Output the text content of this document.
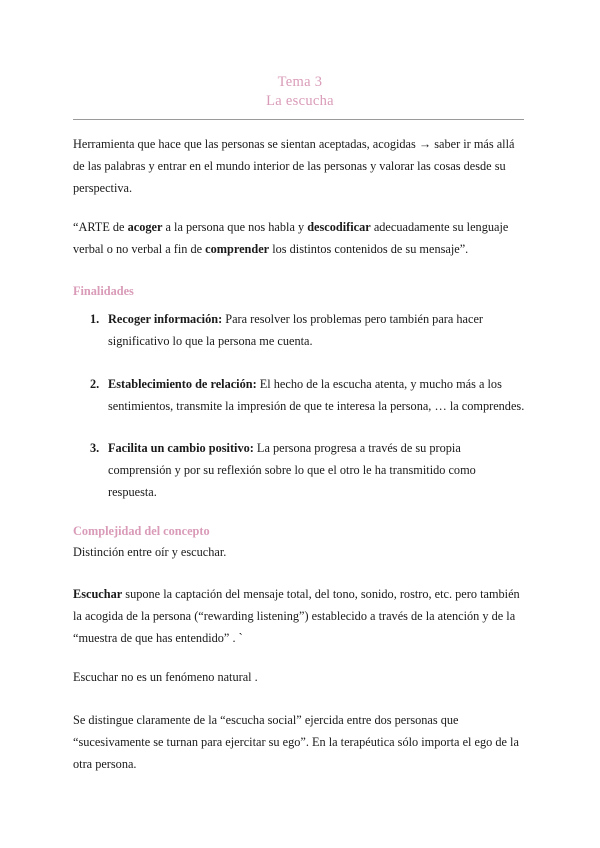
Tema 3
La escucha

Herramienta que hace que las personas se sientan aceptadas, acogidas → saber ir más allá de las palabras y entrar en el mundo interior de las personas y valorar las cosas desde su perspectiva.

“ARTE de acoger a la persona que nos habla y descodificar adecuadamente su lenguaje verbal o no verbal a fin de comprender los distintos contenidos de su mensaje”.

Finalidades

1. Recoger información: Para resolver los problemas pero también para hacer significativo lo que la persona me cuenta.
2. Establecimiento de relación: El hecho de la escucha atenta, y mucho más a los sentimientos, transmite la impresión de que te interesa la persona, … la comprendes.
3. Facilita un cambio positivo: La persona progresa a través de su propia comprensión y por su reflexión sobre lo que el otro le ha transmitido como respuesta.

Complejidad del concepto

Distinción entre oír y escuchar.

Escuchar supone la captación del mensaje total, del tono, sonido, rostro, etc. pero también la acogida de la persona (“rewarding listening”) establecido a través de la atención y de la “muestra de que has entendido” . `

Escuchar no es un fenómeno natural .

Se distingue claramente de la “escucha social” ejercida entre dos personas que “sucesivamente se turnan para ejercitar su ego”. En la terapéutica sólo importa el ego de la otra persona.
